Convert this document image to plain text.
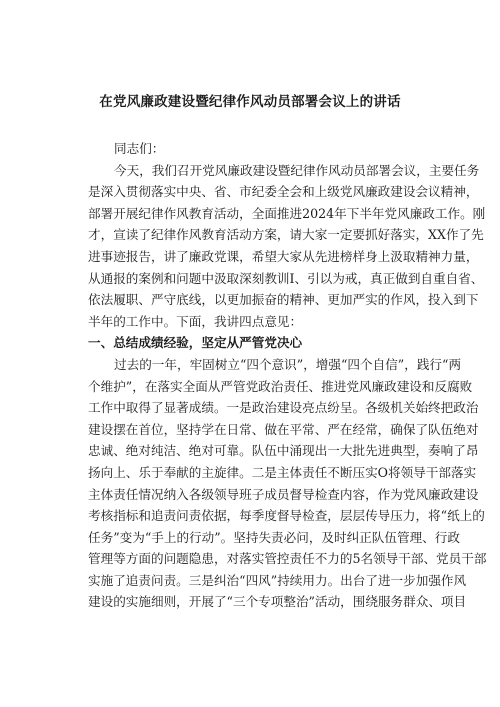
在党风廉政建设暨纪律作风动员部署会议上的讲话
同志们：
今天，我们召开党风廉政建设暨纪律作风动员部署会议，主要任务
是深入贯彻落实中央、省、市纪委全会和上级党风廉政建设会议精神，
部署开展纪律作风教育活动，全面推进2024年下半年党风廉政工作。刚
才，宣读了纪律作风教育活动方案，请大家一定要抓好落实，XX作了先
进事迹报告，讲了廉政党课，希望大家从先进榜样身上汲取精神力量，
从通报的案例和问题中汲取深刻教训I、引以为戒，真正做到自重自省、
依法履职、严守底线，以更加振奋的精神、更加严实的作风，投入到下
半年的工作中。下面，我讲四点意见：
一、总结成绩经验，坚定从严管党决心
过去的一年，牢固树立“四个意识”，增强“四个自信”，践行“两
个维护”，在落实全面从严管党政治责任、推进党风廉政建设和反腐败
工作中取得了显著成绩。一是政治建设亮点纷呈。各级机关始终把政治
建设摆在首位，坚持学在日常、做在平常、严在经常，确保了队伍绝对
忠诚、绝对纯洁、绝对可靠。队伍中涌现出一大批先进典型，奏响了昂
扬向上、乐于奉献的主旋律。二是主体责任不断压实O将领导干部落实
主体责任情况纳入各级领导班子成员督导检查内容，作为党风廉政建设
考核指标和追责问责依据，每季度督导检查，层层传导压力，将“纸上的
任务”变为“手上的行动”。坚持失责必问，及时纠正队伍管理、行政
管理等方面的问题隐患，对落实管控责任不力的5名领导干部、党员干部
实施了追责问责。三是纠治“四风”持续用力。出台了进一步加强作风
建设的实施细则，开展了“三个专项整治”活动，围绕服务群众、项目
